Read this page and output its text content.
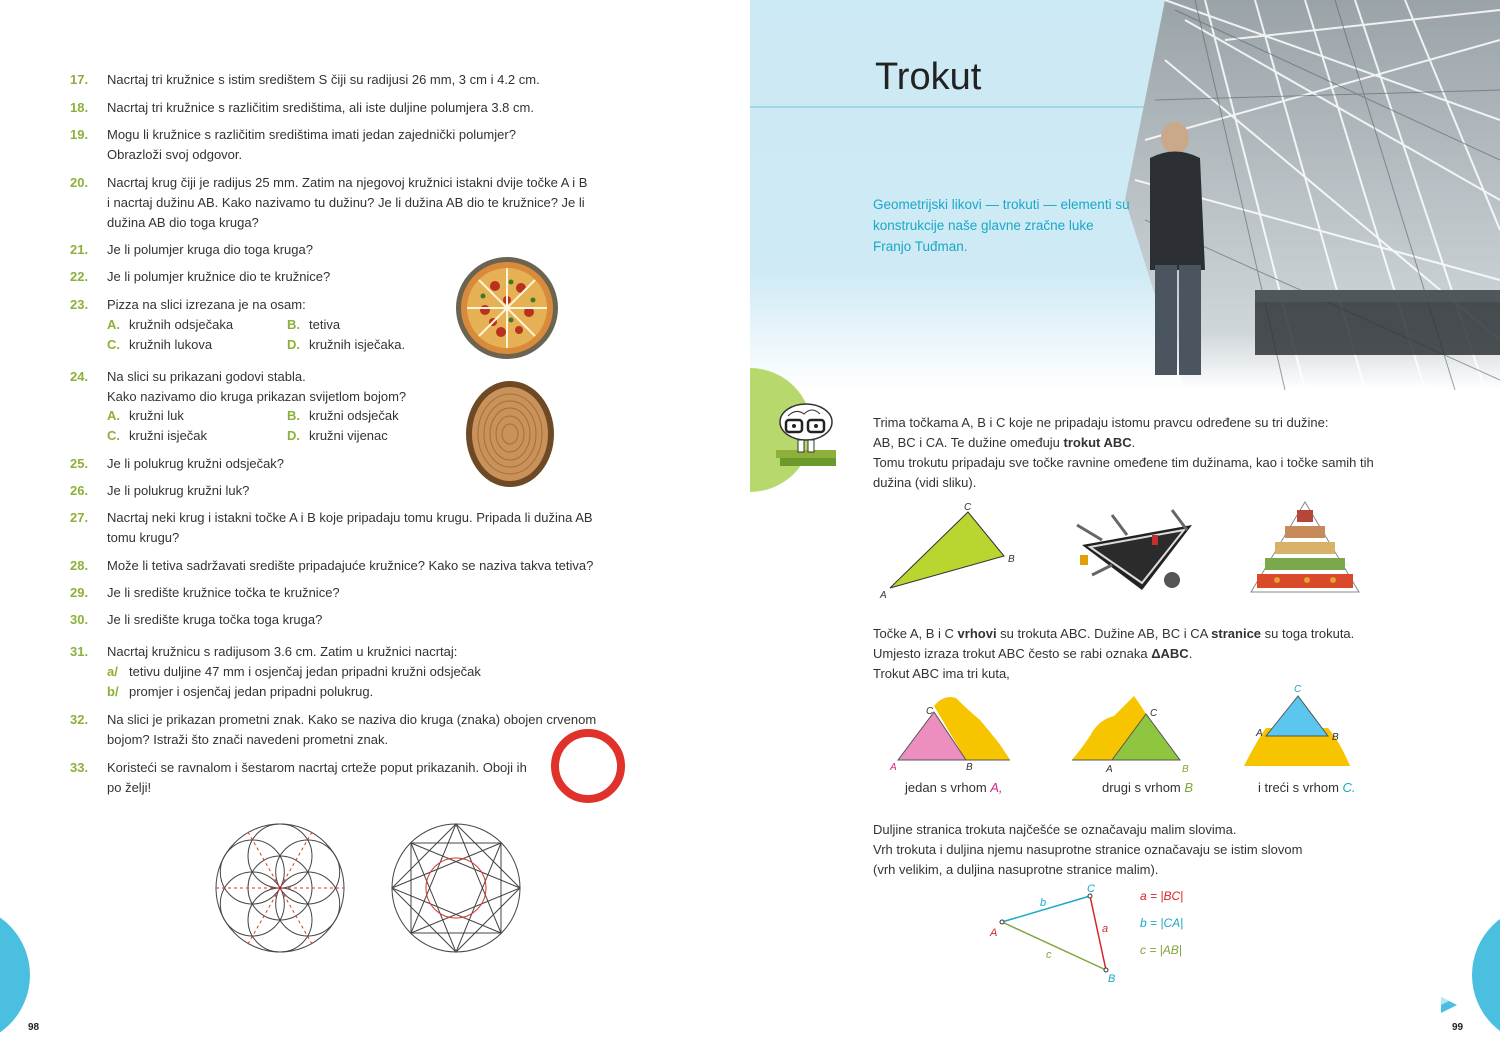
17.	Nacrtaj tri kružnice s istim središtem S čiji su radijusi 26 mm, 3 cm i 4.2 cm.
18.	Nacrtaj tri kružnice s različitim središtima, ali iste duljine polumjera 3.8 cm.
19.	Mogu li kružnice s različitim središtima imati jedan zajednički polumjer?
Obrazloži svoj odgovor.
20.	Nacrtaj krug čiji je radijus 25 mm. Zatim na njegovoj kružnici istakni dvije točke A i B
i nacrtaj dužinu AB. Kako nazivamo tu dužinu? Je li dužina AB dio te kružnice? Je li
dužina AB dio toga kruga?
21.	Je li polumjer kruga dio toga kruga?
22.	Je li polumjer kružnice dio te kružnice?
23.	Pizza na slici izrezana je na osam:
A. kružnih odsječaka	B. tetiva
C. kružnih lukova	D. kružnih isječaka.
24.	Na slici su prikazani godovi stabla.
Kako nazivamo dio kruga prikazan svijetlom bojom?
A. kružni luk	B. kružni odsječak
C. kružni isječak	D. kružni vijenac
25.	Je li polukrug kružni odsječak?
26.	Je li polukrug kružni luk?
27.	Nacrtaj neki krug i istakni točke A i B koje pripadaju tomu krugu. Pripada li dužina AB
tomu krugu?
28.	Može li tetiva sadržavati središte pripadajuće kružnice? Kako se naziva takva tetiva?
29.	Je li središte kružnice točka te kružnice?
30.	Je li središte kruga točka toga kruga?
31.	Nacrtaj kružnicu s radijusom 3.6 cm. Zatim u kružnici nacrtaj:
a/ tetivu duljine 47 mm i osjenčaj jedan pripadni kružni odsječak
b/ promjer i osjenčaj jedan pripadni polukrug.
32.	Na slici je prikazan prometni znak. Kako se naziva dio kruga (znaka) obojen crvenom
bojom? Istraži što znači navedeni prometni znak.
33.	Koristeći se ravnalom i šestarom nacrtaj crteže poput prikazanih. Oboji ih
po želji!
98
Trokut
Geometrijski likovi — trokuti — elementi su konstrukcije naše glavne zračne luke Franjo Tuđman.
Trima točkama A, B i C koje ne pripadaju istomu pravcu određene su tri dužine:
AB, BC i CA. Te dužine omeđuju trokut ABC.
Tomu trokutu pripadaju sve točke ravnine omeđene tim dužinama, kao i točke samih tih
dužina (vidi sliku).
A
C
B
Točke A, B i C vrhovi su trokuta ABC. Dužine AB, BC i CA stranice su toga trokuta.
Umjesto izraza trokut ABC često se rabi oznaka ΔABC.
Trokut ABC ima tri kuta,
A
C
B
jedan s vrhom A,
A
C
B
drugi s vrhom B
C
A	B
i treći s vrhom C.
Duljine stranica trokuta najčešće se označavaju malim slovima.
Vrh trokuta i duljina njemu nasuprotne stranice označavaju se istim slovom
(vrh velikim, a duljina nasuprotne stranice malim).
A
C
B
b
a
c
a = |BC|
b = |CA|
c = |AB|
99
